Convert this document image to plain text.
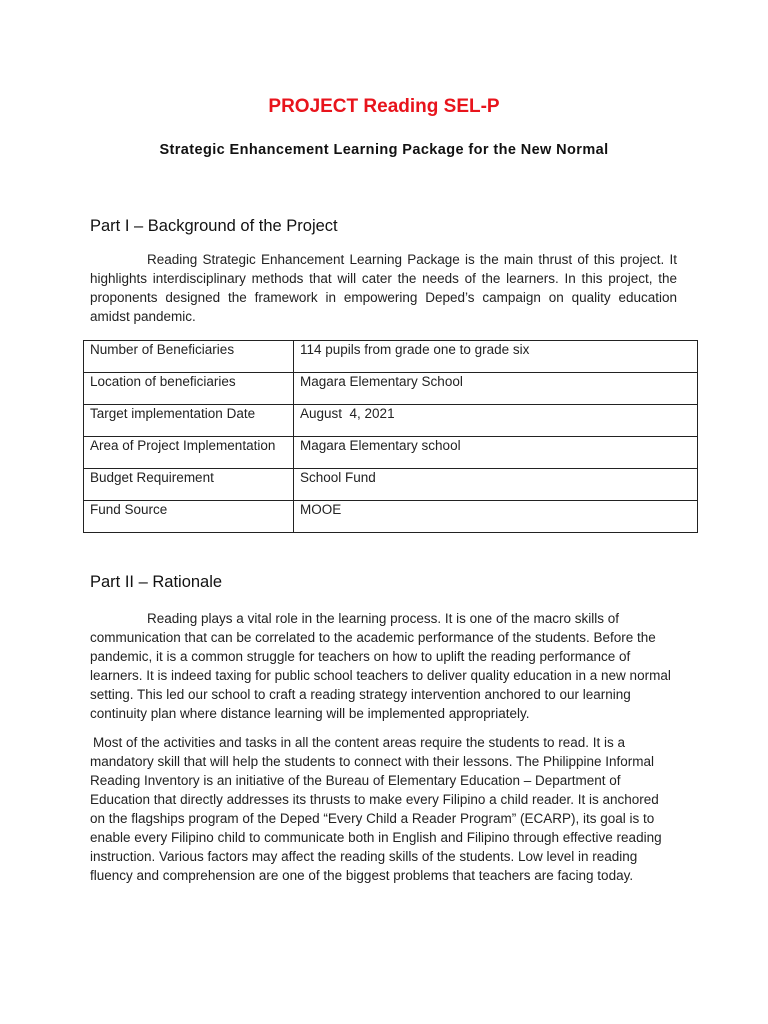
PROJECT Reading SEL-P
Strategic Enhancement Learning Package for the New Normal
Part I – Background of the Project

Reading Strategic Enhancement Learning Package is the main thrust of this project. It highlights interdisciplinary methods that will cater the needs of the learners. In this project, the proponents designed the framework in empowering Deped’s campaign on quality education amidst pandemic.

Number of Beneficiaries	114 pupils from grade one to grade six
Location of beneficiaries	Magara Elementary School
Target implementation Date	August  4, 2021
Area of Project Implementation	Magara Elementary school
Budget Requirement	School Fund
Fund Source	MOOE
Part II – Rationale

Reading plays a vital role in the learning process. It is one of the macro skills of communication that can be correlated to the academic performance of the students. Before the pandemic, it is a common struggle for teachers on how to uplift the reading performance of learners. It is indeed taxing for public school teachers to deliver quality education in a new normal setting. This led our school to craft a reading strategy intervention anchored to our learning continuity plan where distance learning will be implemented appropriately.

Most of the activities and tasks in all the content areas require the students to read. It is a mandatory skill that will help the students to connect with their lessons. The Philippine Informal Reading Inventory is an initiative of the Bureau of Elementary Education – Department of Education that directly addresses its thrusts to make every Filipino a child reader. It is anchored on the flagships program of the Deped “Every Child a Reader Program” (ECARP), its goal is to enable every Filipino child to communicate both in English and Filipino through effective reading instruction. Various factors may affect the reading skills of the students. Low level in reading fluency and comprehension are one of the biggest problems that teachers are facing today.
